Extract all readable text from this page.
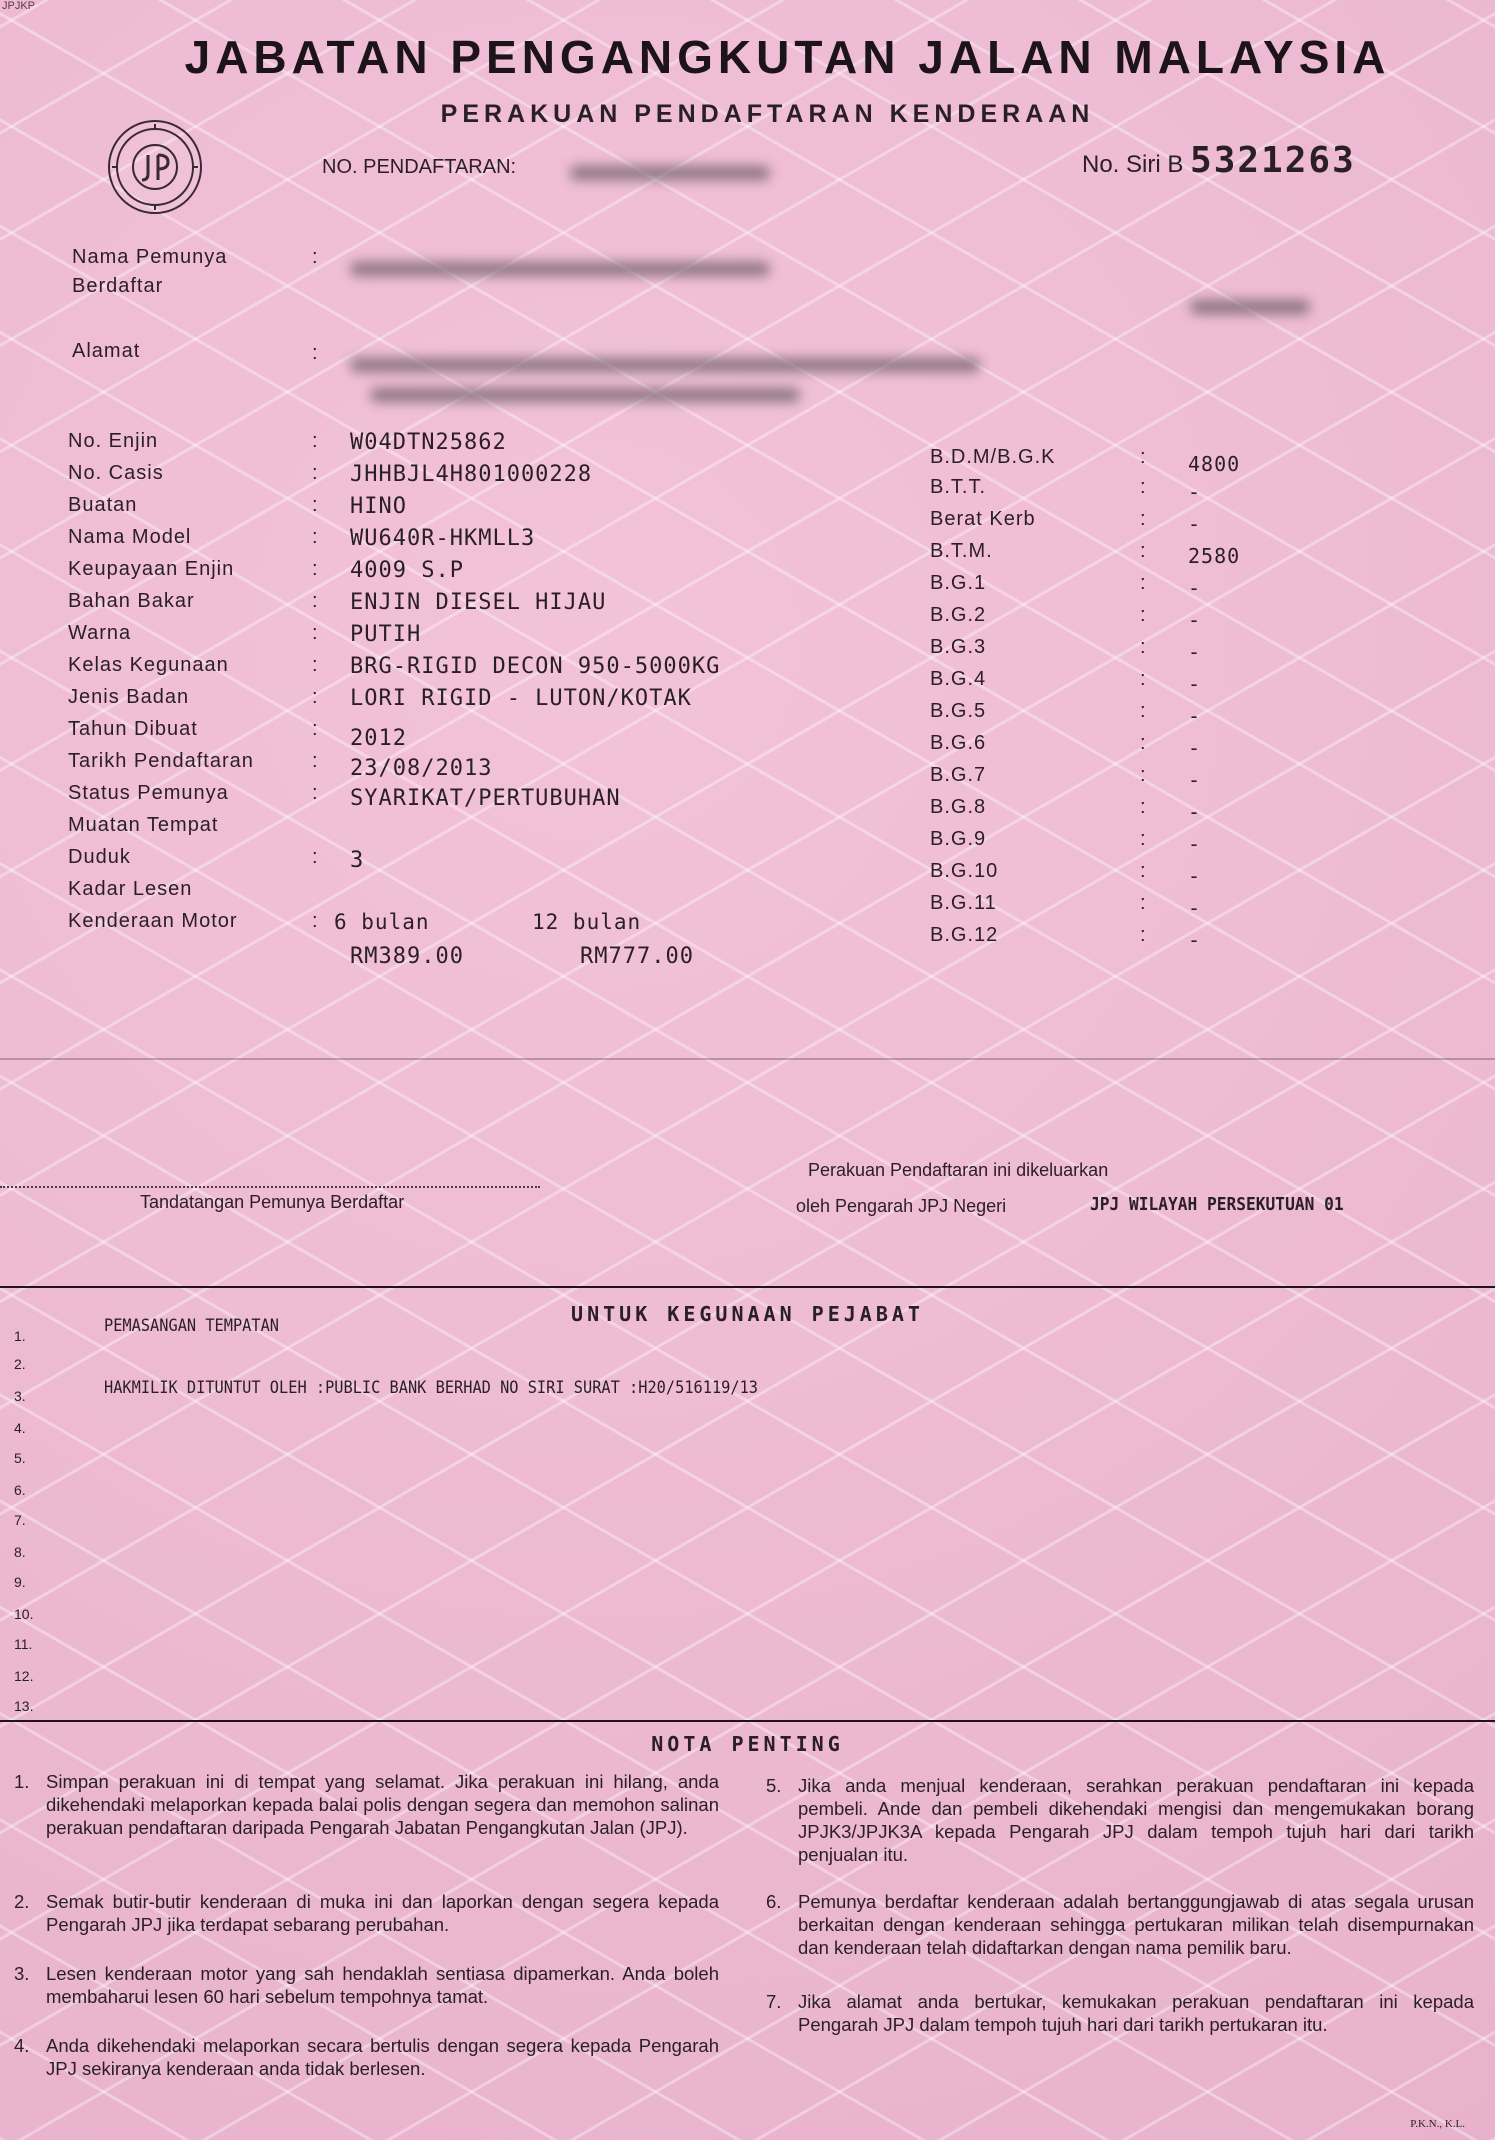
JPJKP
JABATAN PENGANGKUTAN JALAN MALAYSIA
PERAKUAN PENDAFTARAN KENDERAAN
NO. PENDAFTARAN:	No. Siri B 5321263
Nama Pemunya
Berdaftar
:
Alamat	:
No. Enjin	: W04DTN25862
No. Casis	: JHHBJL4H801000228
Buatan	: HINO
Nama Model	: WU640R-HKMLL3
Keupayaan Enjin	: 4009 S.P
Bahan Bakar	: ENJIN DIESEL HIJAU
Warna	: PUTIH
Kelas Kegunaan	: BRG-RIGID DECON 950-5000KG
Jenis Badan	: LORI RIGID - LUTON/KOTAK
Tahun Dibuat	: 2012
Tarikh Pendaftaran	: 23/08/2013
Status Pemunya	: SYARIKAT/PERTUBUHAN
Muatan Tempat
Duduk	: 3
Kadar Lesen
Kenderaan Motor	: 6 bulan	12 bulan
RM389.00	RM777.00
B.D.M/B.G.K	: 4800
B.T.T.	: -
Berat Kerb	: -
B.T.M.	: 2580
B.G.1	: -
B.G.2	: -
B.G.3	: -
B.G.4	: -
B.G.5	: -
B.G.6	: -
B.G.7	: -
B.G.8	: -
B.G.9	: -
B.G.10	: -
B.G.11	: -
B.G.12	: -
Perakuan Pendaftaran ini dikeluarkan
Tandatangan Pemunya Berdaftar	oleh Pengarah JPJ Negeri	JPJ WILAYAH PERSEKUTUAN 01
UNTUK KEGUNAAN PEJABAT
PEMASANGAN TEMPATAN
HAKMILIK DITUNTUT OLEH :PUBLIC BANK BERHAD NO SIRI SURAT :H20/516119/13
1.
2.
3.
4.
5.
6.
7.
8.
9.
10.
11.
12.
13.
NOTA PENTING
1. Simpan perakuan ini di tempat yang selamat. Jika perakuan ini hilang, anda dikehendaki melaporkan kepada balai polis dengan segera dan memohon salinan perakuan pendaftaran daripada Pengarah Jabatan Pengangkutan Jalan (JPJ).
2. Semak butir-butir kenderaan di muka ini dan laporkan dengan segera kepada Pengarah JPJ jika terdapat sebarang perubahan.
3. Lesen kenderaan motor yang sah hendaklah sentiasa dipamerkan. Anda boleh membaharui lesen 60 hari sebelum tempohnya tamat.
4. Anda dikehendaki melaporkan secara bertulis dengan segera kepada Pengarah JPJ sekiranya kenderaan anda tidak berlesen.
5. Jika anda menjual kenderaan, serahkan perakuan pendaftaran ini kepada pembeli. Ande dan pembeli dikehendaki mengisi dan mengemukakan borang JPJK3/JPJK3A kepada Pengarah JPJ dalam tempoh tujuh hari dari tarikh penjualan itu.
6. Pemunya berdaftar kenderaan adalah bertanggungjawab di atas segala urusan berkaitan dengan kenderaan sehingga pertukaran milikan telah disempurnakan dan kenderaan telah didaftarkan dengan nama pemilik baru.
7. Jika alamat anda bertukar, kemukakan perakuan pendaftaran ini kepada Pengarah JPJ dalam tempoh tujuh hari dari tarikh pertukaran itu.
P.K.N., K.L.
